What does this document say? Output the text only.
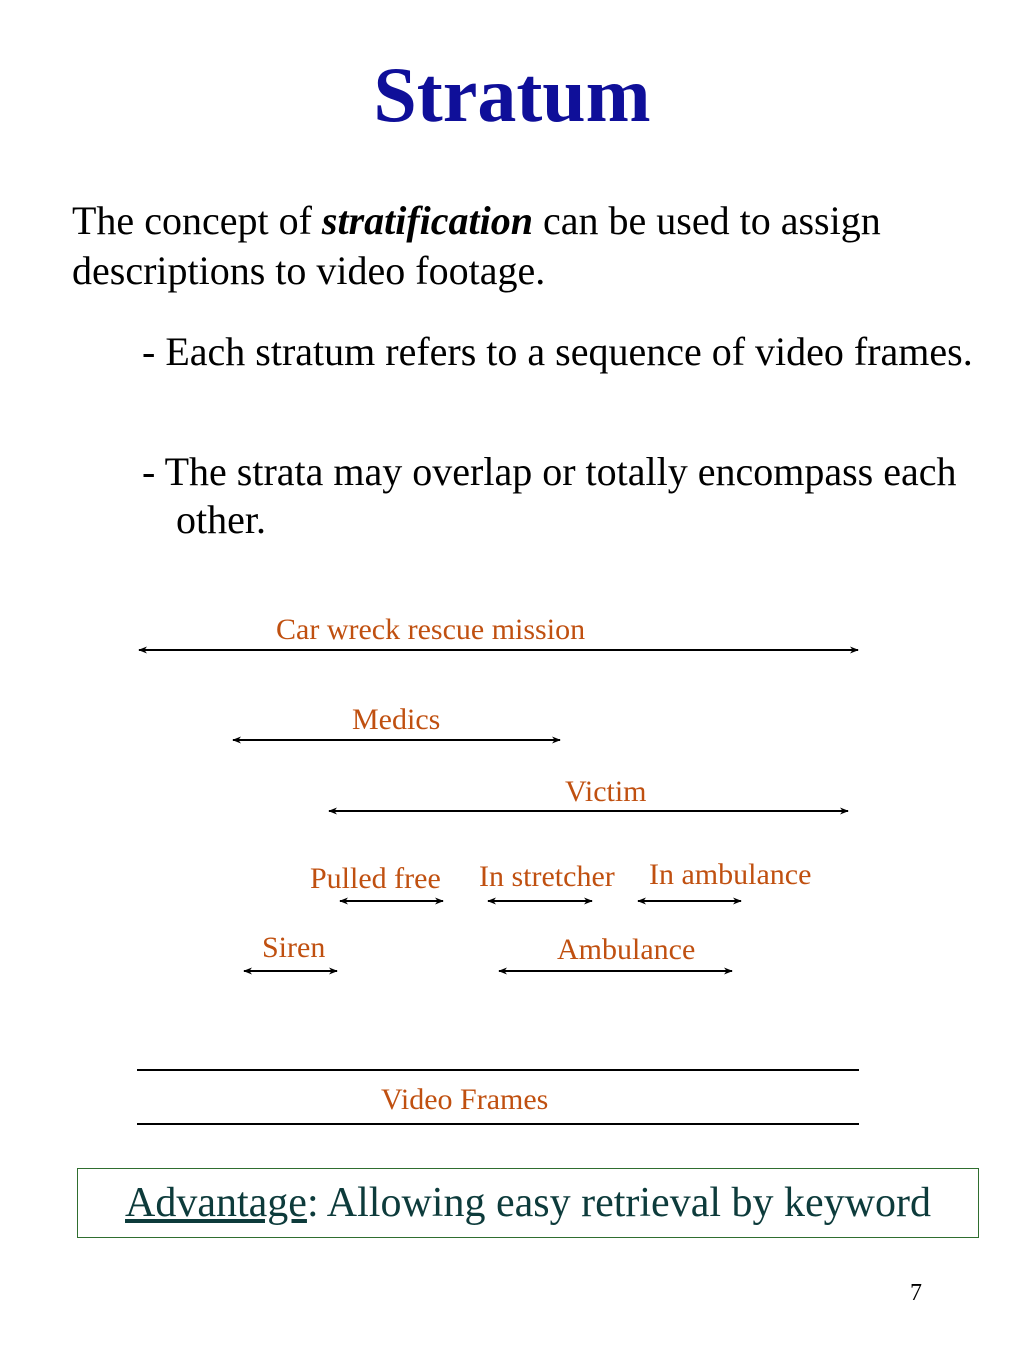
Stratum
The concept of stratification can be used to assign descriptions to video footage.
- Each stratum refers to a sequence of video frames.
- The strata may overlap or totally encompass each other.
Car wreck rescue mission
Medics
Victim
Pulled free In stretcher In ambulance
Siren	Ambulance
Video Frames
Advantage : Allowing easy retrieval by keyword
7
